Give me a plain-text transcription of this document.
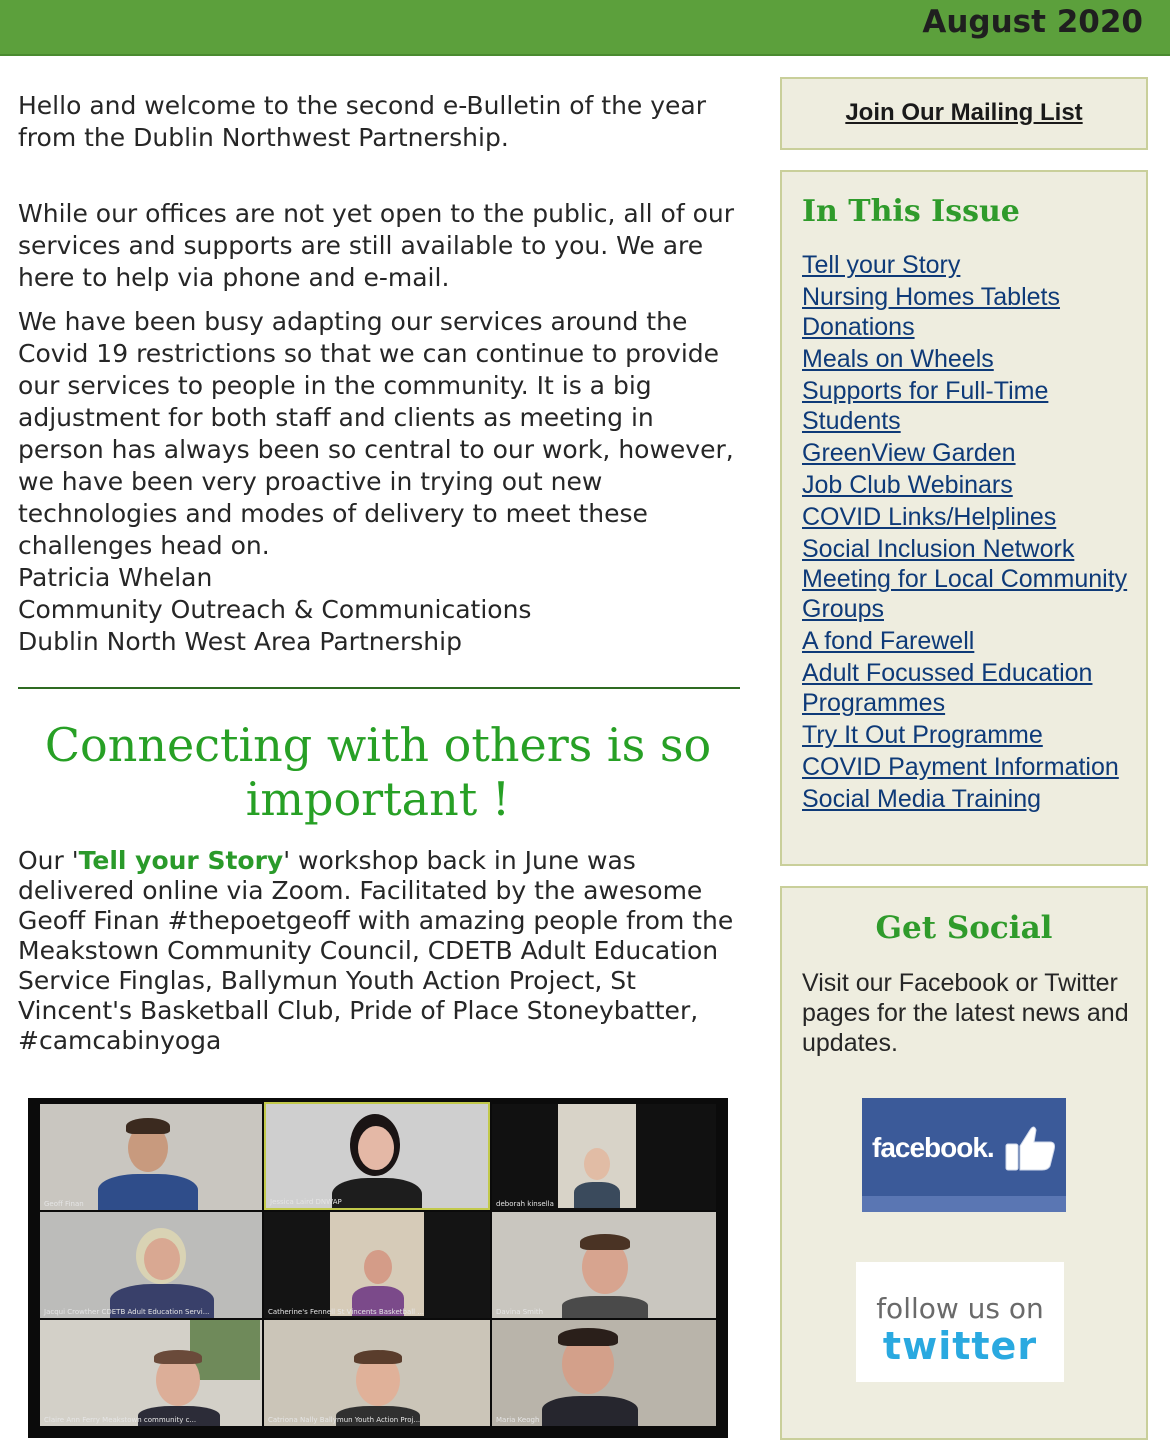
August 2020
Hello and welcome to the second e-Bulletin of the year from the Dublin Northwest Partnership.
While our offices are not yet open to the public, all of our services and supports are still available to you. We are here to help via phone and e-mail.
We have been busy adapting our services around the Covid 19 restrictions so that we can continue to provide our services to people in the community. It is a big adjustment for both staff and clients as meeting in person has always been so central to our work, however, we have been very proactive in trying out new technologies and modes of delivery to meet these challenges head on.
Patricia Whelan
Community Outreach & Communications
Dublin North West Area Partnership
Connecting with others is so important !
Our 'Tell your Story' workshop back in June was delivered online via Zoom. Facilitated by the awesome Geoff Finan #thepoetgeoff with amazing people from the Meakstown Community Council, CDETB Adult Education Service Finglas, Ballymun Youth Action Project, St Vincent's Basketball Club, Pride of Place Stoneybatter, #camcabinyoga
Geoff Finan	Jessica Laird DNWAP	deborah kinsella
Jacqui Crowther CDETB Adult Education Servi...	Catherine's Fennell St Vincents Basketball ...	Davina Smith
Claire Ann Ferry Meakstown community c...	Catriona Nally Ballymun Youth Action Proj...	Maria Keogh
Join Our Mailing List
In This Issue
Tell your Story
Nursing Homes Tablets Donations
Meals on Wheels
Supports for Full-Time Students
GreenView Garden
Job Club Webinars
COVID Links/Helplines
Social Inclusion Network Meeting for Local Community Groups
A fond Farewell
Adult Focussed Education Programmes
Try It Out Programme
COVID Payment Information
Social Media Training
Get Social
Visit our Facebook or Twitter pages for the latest news and updates.
facebook.
follow us on
twitter
